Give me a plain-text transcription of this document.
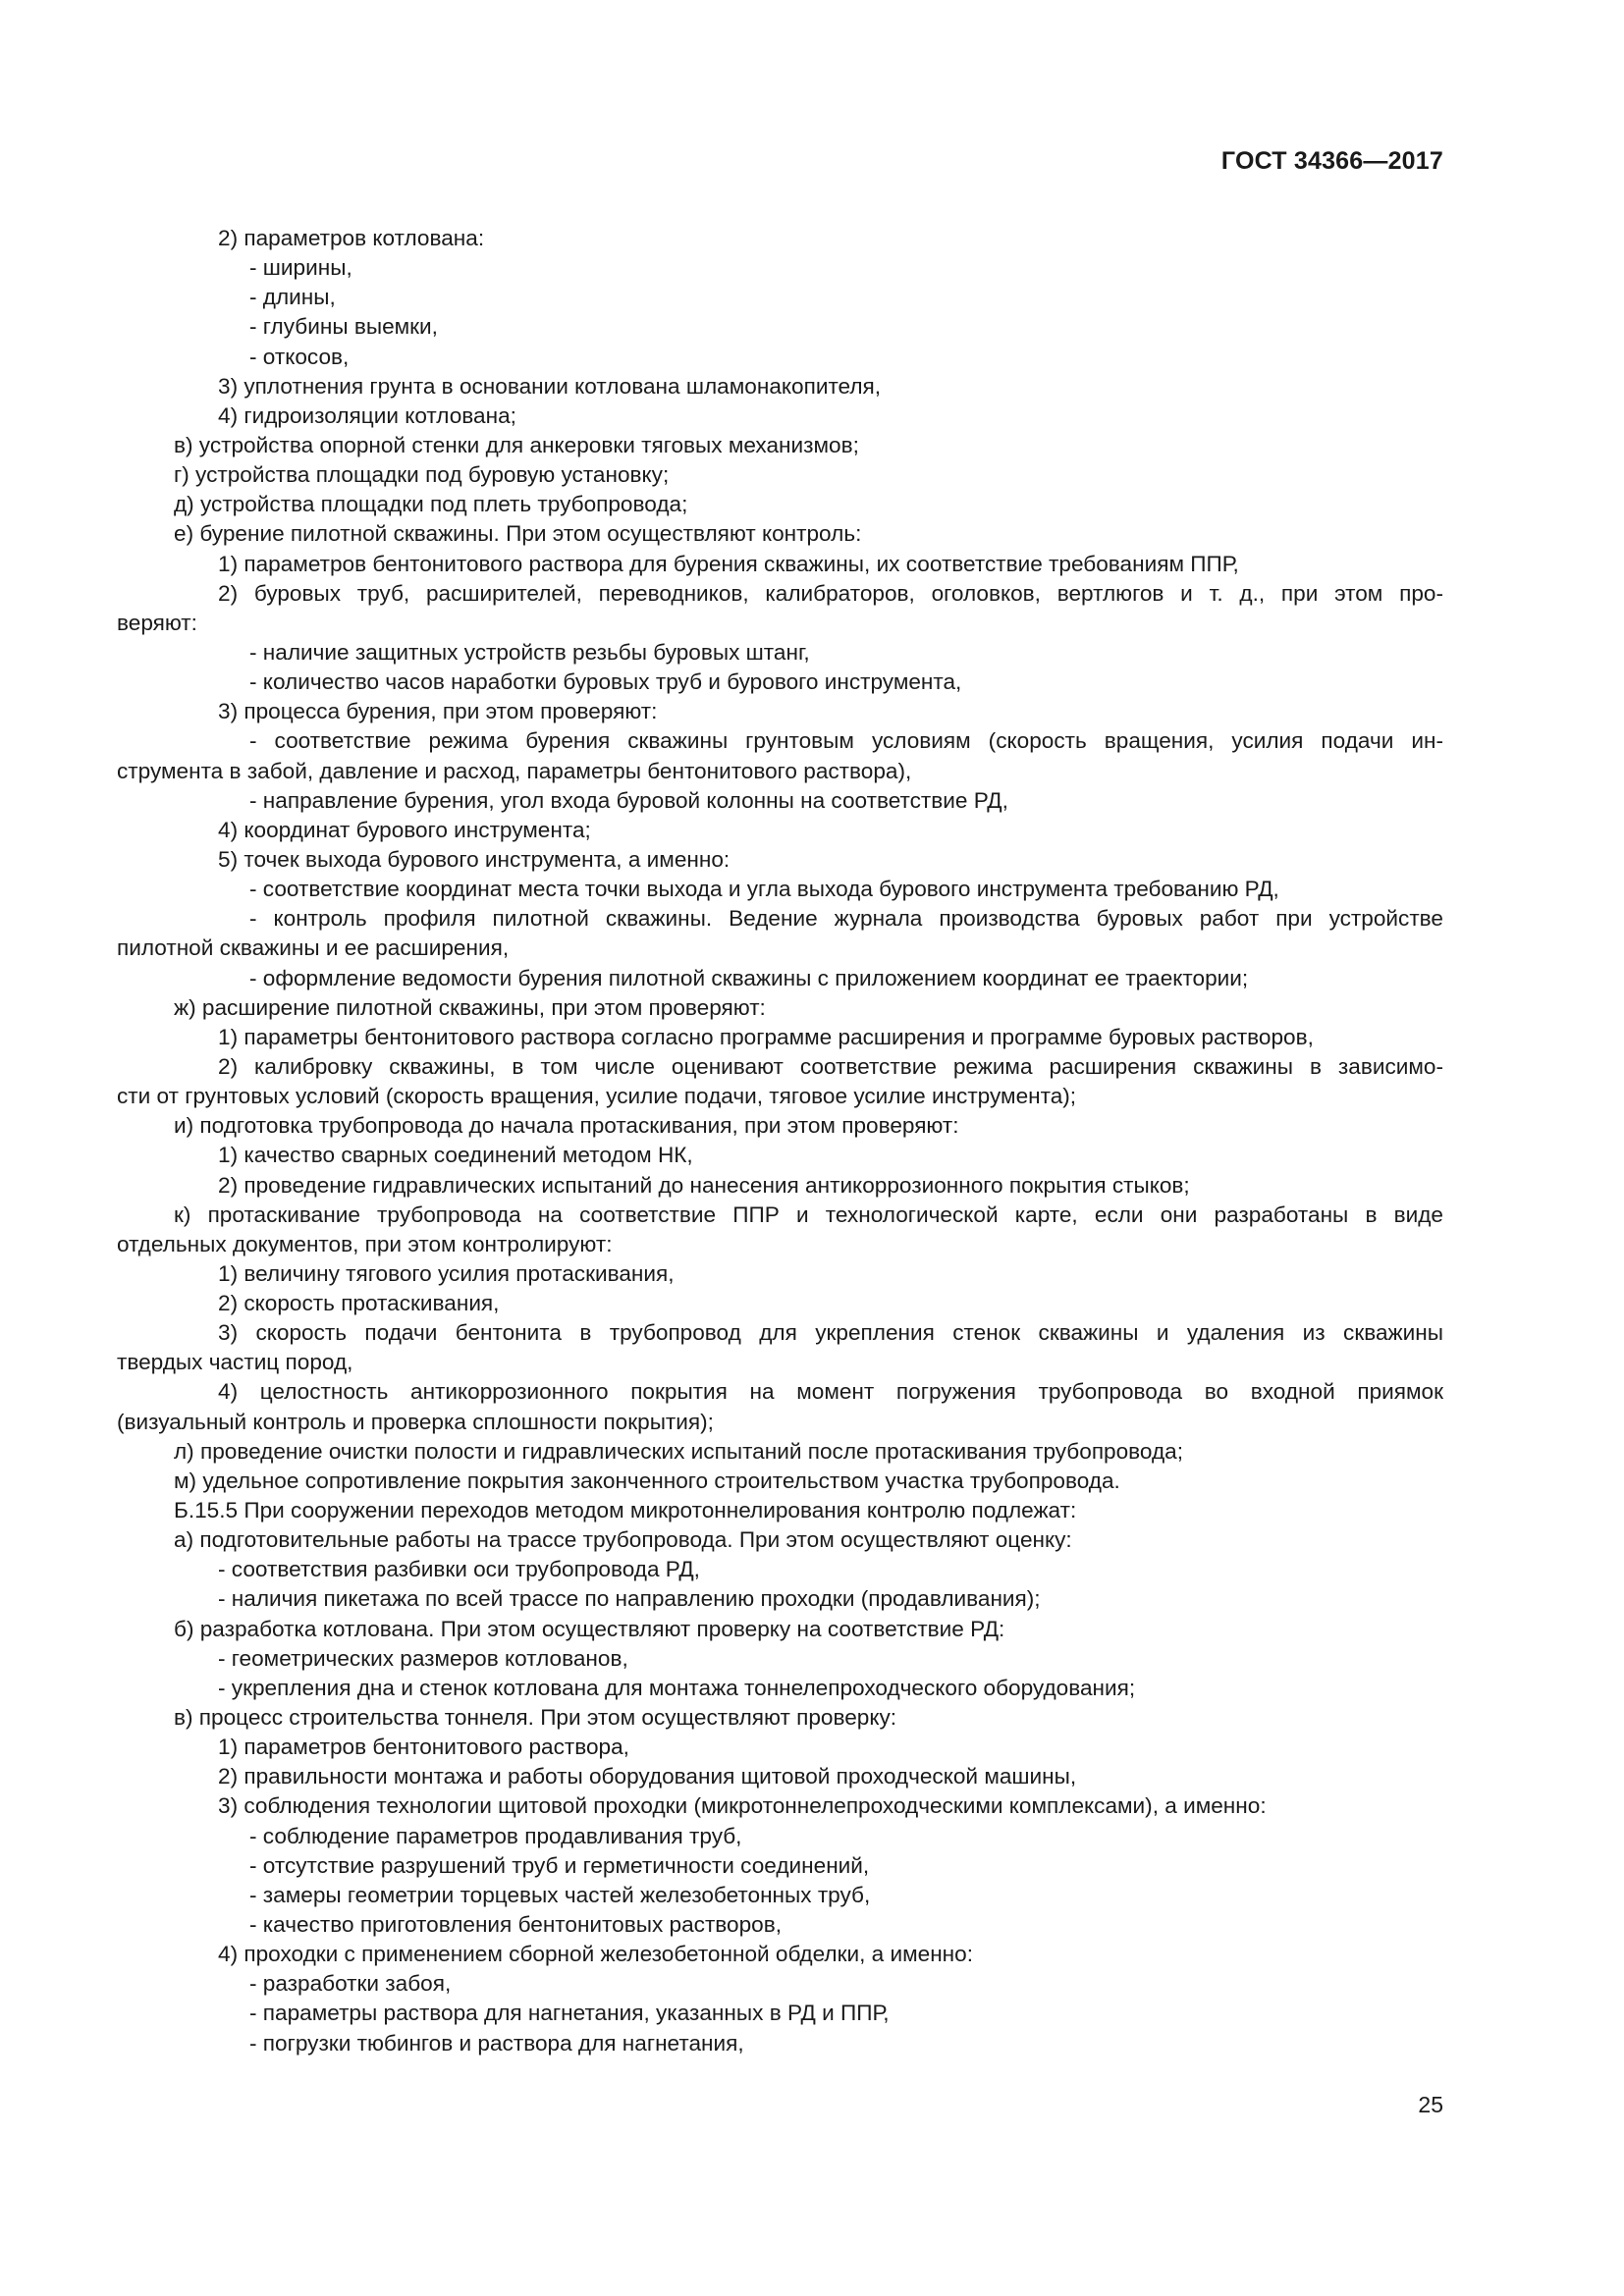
ГОСТ 34366—2017
2) параметров котлована:
- ширины,
- длины,
- глубины выемки,
- откосов,
3) уплотнения грунта в основании котлована шламонакопителя,
4) гидроизоляции котлована;
в) устройства опорной стенки для анкеровки тяговых механизмов;
г) устройства площадки под буровую установку;
д) устройства площадки под плеть трубопровода;
е) бурение пилотной скважины. При этом осуществляют контроль:
1) параметров бентонитового раствора для бурения скважины, их соответствие требованиям ППР,
2) буровых труб, расширителей, переводников, калибраторов, оголовков, вертлюгов и т. д., при этом про-
веряют:
- наличие защитных устройств резьбы буровых штанг,
- количество часов наработки буровых труб и бурового инструмента,
3) процесса бурения, при этом проверяют:
- соответствие режима бурения скважины грунтовым условиям (скорость вращения, усилия подачи ин-
струмента в забой, давление и расход, параметры бентонитового раствора),
- направление бурения, угол входа буровой колонны на соответствие РД,
4) координат бурового инструмента;
5) точек выхода бурового инструмента, а именно:
- соответствие координат места точки выхода и угла выхода бурового инструмента требованию РД,
- контроль профиля пилотной скважины. Ведение журнала производства буровых работ при устройстве
пилотной скважины и ее расширения,
- оформление ведомости бурения пилотной скважины с приложением координат ее траектории;
ж) расширение пилотной скважины, при этом проверяют:
1) параметры бентонитового раствора согласно программе расширения и программе буровых растворов,
2) калибровку скважины, в том числе оценивают соответствие режима расширения скважины в зависимо-
сти от грунтовых условий (скорость вращения, усилие подачи, тяговое усилие инструмента);
и) подготовка трубопровода до начала протаскивания, при этом проверяют:
1) качество сварных соединений методом НК,
2) проведение гидравлических испытаний до нанесения антикоррозионного покрытия стыков;
к) протаскивание трубопровода на соответствие ППР и технологической карте, если они разработаны в виде
отдельных документов, при этом контролируют:
1) величину тягового усилия протаскивания,
2) скорость протаскивания,
3) скорость подачи бентонита в трубопровод для укрепления стенок скважины и удаления из скважины
твердых частиц пород,
4) целостность антикоррозионного покрытия на момент погружения трубопровода во входной приямок
(визуальный контроль и проверка сплошности покрытия);
л) проведение очистки полости и гидравлических испытаний после протаскивания трубопровода;
м) удельное сопротивление покрытия законченного строительством участка трубопровода.
Б.15.5 При сооружении переходов методом микротоннелирования контролю подлежат:
а) подготовительные работы на трассе трубопровода. При этом осуществляют оценку:
- соответствия разбивки оси трубопровода РД,
- наличия пикетажа по всей трассе по направлению проходки (продавливания);
б) разработка котлована. При этом осуществляют проверку на соответствие РД:
- геометрических размеров котлованов,
- укрепления дна и стенок котлована для монтажа тоннелепроходческого оборудования;
в) процесс строительства тоннеля. При этом осуществляют проверку:
1) параметров бентонитового раствора,
2) правильности монтажа и работы оборудования щитовой проходческой машины,
3) соблюдения технологии щитовой проходки (микротоннелепроходческими комплексами), а именно:
- соблюдение параметров продавливания труб,
- отсутствие разрушений труб и герметичности соединений,
- замеры геометрии торцевых частей железобетонных труб,
- качество приготовления бентонитовых растворов,
4) проходки с применением сборной железобетонной обделки, а именно:
- разработки забоя,
- параметры раствора для нагнетания, указанных в РД и ППР,
- погрузки тюбингов и раствора для нагнетания,
25
